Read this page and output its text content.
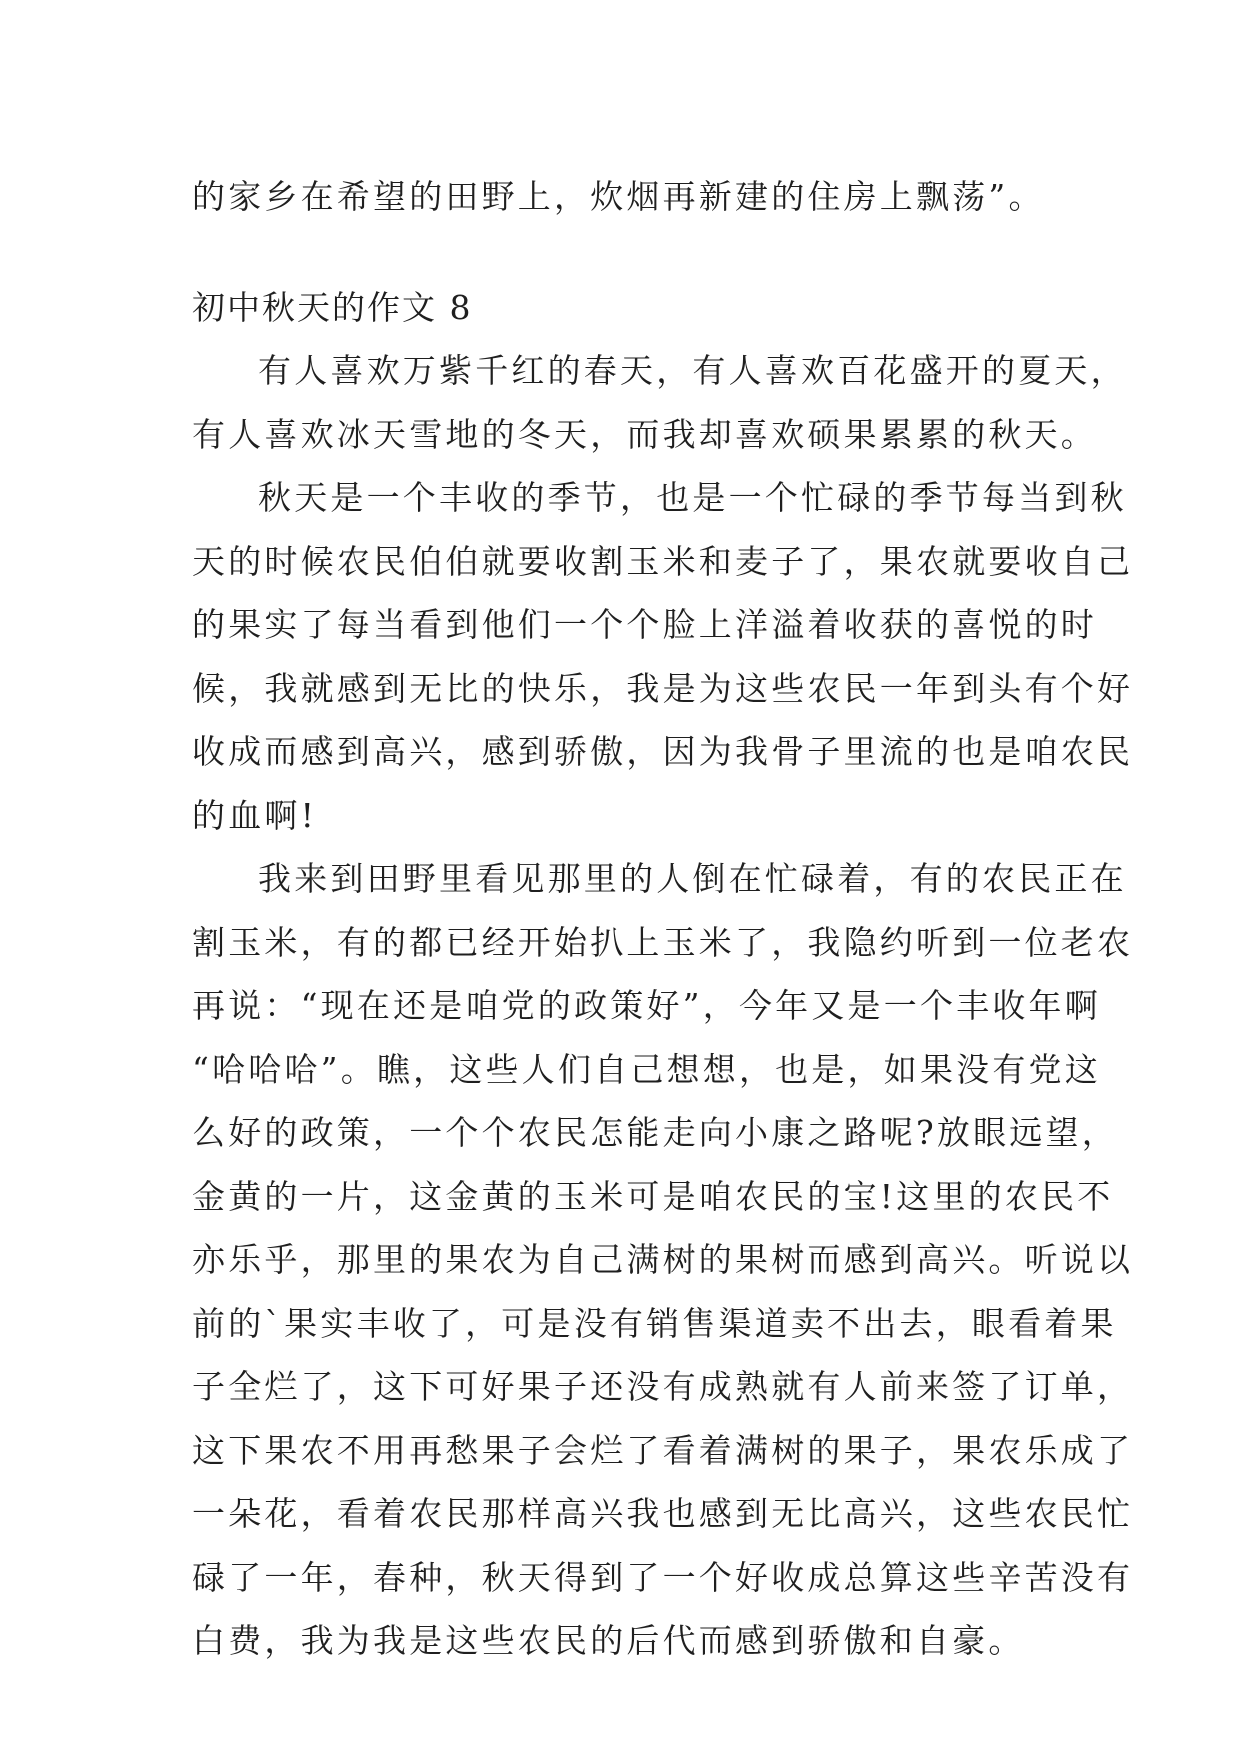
的家乡在希望的田野上，炊烟再新建的住房上飘荡”。
初中秋天的作文 8
有人喜欢万紫千红的春天，有人喜欢百花盛开的夏天，
有人喜欢冰天雪地的冬天，而我却喜欢硕果累累的秋天。
秋天是一个丰收的季节，也是一个忙碌的季节每当到秋
天的时候农民伯伯就要收割玉米和麦子了，果农就要收自己
的果实了每当看到他们一个个脸上洋溢着收获的喜悦的时
候，我就感到无比的快乐，我是为这些农民一年到头有个好
收成而感到高兴，感到骄傲，因为我骨子里流的也是咱农民
的血啊!
我来到田野里看见那里的人倒在忙碌着，有的农民正在
割玉米，有的都已经开始扒上玉米了，我隐约听到一位老农
再说：“现在还是咱党的政策好”，今年又是一个丰收年啊
“哈哈哈”。瞧，这些人们自己想想，也是，如果没有党这
么好的政策，一个个农民怎能走向小康之路呢?放眼远望，
金黄的一片，这金黄的玉米可是咱农民的宝!这里的农民不
亦乐乎，那里的果农为自己满树的果树而感到高兴。听说以
前的`果实丰收了，可是没有销售渠道卖不出去，眼看着果
子全烂了，这下可好果子还没有成熟就有人前来签了订单，
这下果农不用再愁果子会烂了看着满树的果子，果农乐成了
一朵花，看着农民那样高兴我也感到无比高兴，这些农民忙
碌了一年，春种，秋天得到了一个好收成总算这些辛苦没有
白费，我为我是这些农民的后代而感到骄傲和自豪。
